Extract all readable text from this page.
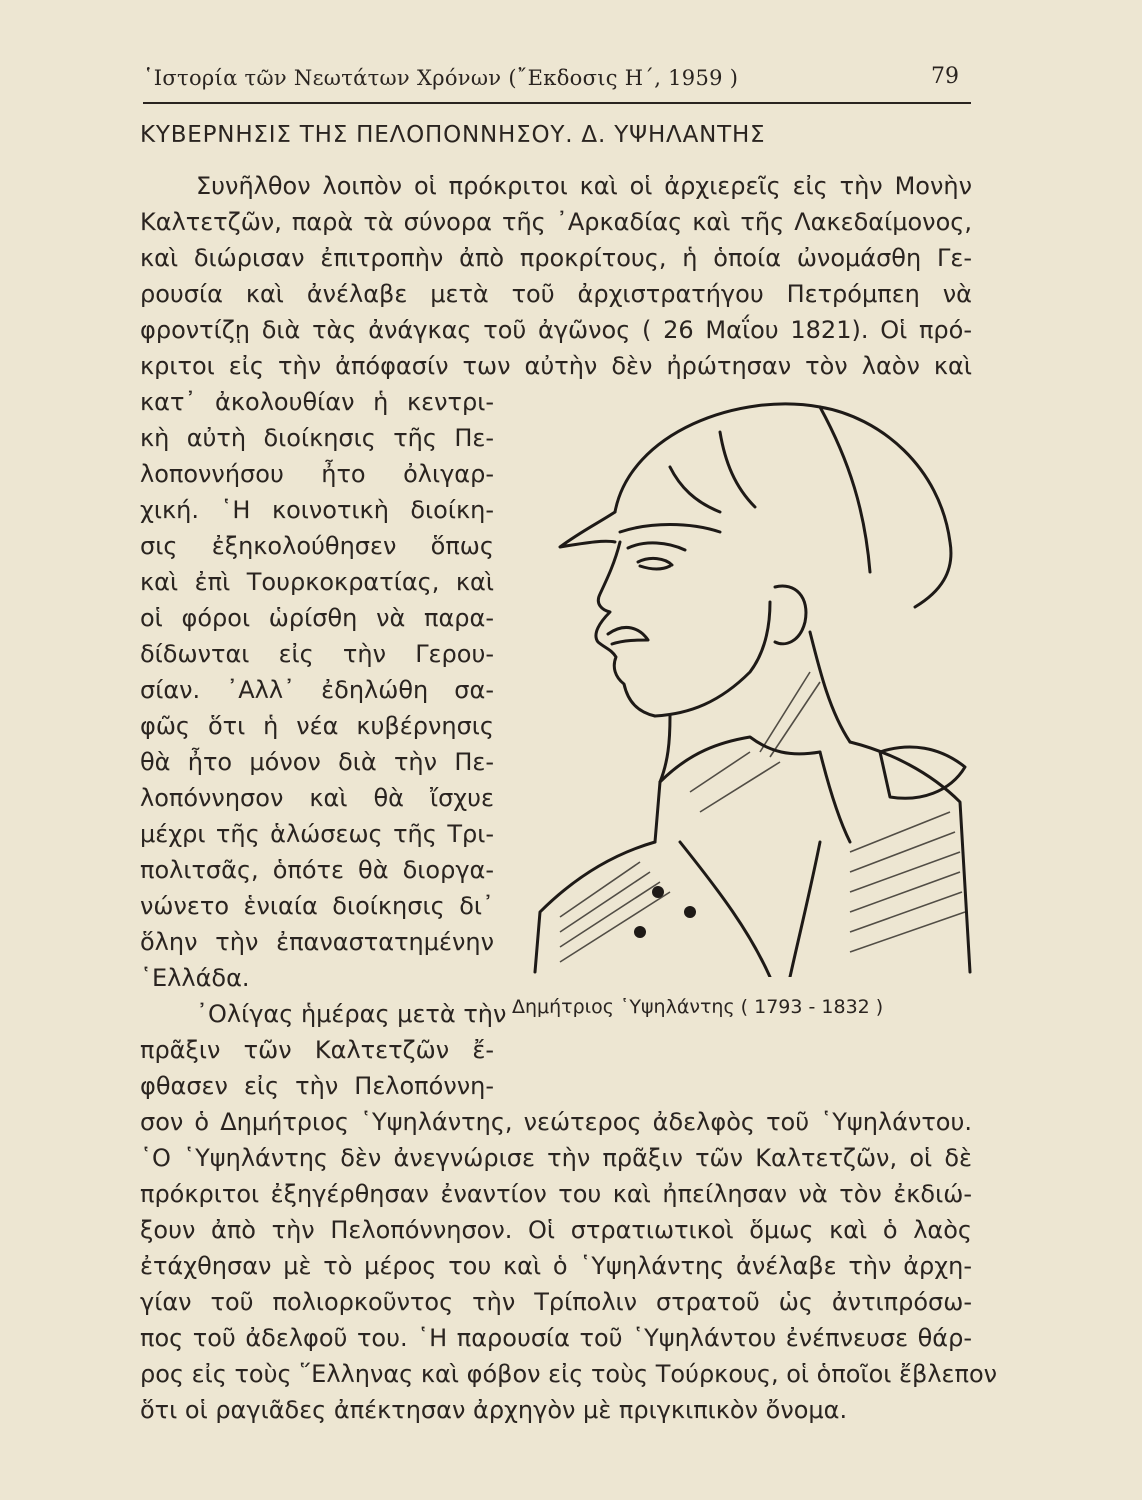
῾Ιστορία τῶν Νεωτάτων Χρόνων (῎Εκδοσις Η΄, 1959 )	79
ΚΥΒΕΡΝΗΣΙΣ ΤΗΣ ΠΕΛΟΠΟΝΝΗΣΟΥ. Δ. ΥΨΗΛΑΝΤΗΣ
Συνῆλθον λοιπὸν οἱ πρόκριτοι καὶ οἱ ἀρχιερεῖς εἰς τὴν Μονὴν
Καλτετζῶν, παρὰ τὰ σύνορα τῆς ᾿Αρκαδίας καὶ τῆς Λακεδαίμονος,
καὶ διώρισαν ἐπιτροπὴν ἀπὸ προκρίτους, ἡ ὁποία ὠνομάσθη Γε-
ρουσία καὶ ἀνέλαβε μετὰ τοῦ ἀρχιστρατήγου Πετρόμπεη νὰ
φροντίζῃ διὰ τὰς ἀνάγκας τοῦ ἀγῶνος ( 26 Μαΐου 1821). Οἱ πρό-
κριτοι εἰς τὴν ἀπόφασίν των αὐτὴν δὲν ἠρώτησαν τὸν λαὸν καὶ
κατ᾿ ἀκολουθίαν ἡ κεντρι-
κὴ αὐτὴ διοίκησις τῆς Πε-
λοποννήσου ἦτο ὀλιγαρ-
χική. ῾Η κοινοτικὴ διοίκη-
σις ἐξηκολούθησεν ὅπως
καὶ ἐπὶ Τουρκοκρατίας, καὶ
οἱ φόροι ὡρίσθη νὰ παρα-
δίδωνται εἰς τὴν Γερου-
σίαν. ᾿Αλλ᾿ ἐδηλώθη σα-
φῶς ὅτι ἡ νέα κυβέρνησις
θὰ ἦτο μόνον διὰ τὴν Πε-
λοπόννησον καὶ θὰ ἴσχυε
μέχρι τῆς ἁλώσεως τῆς Τρι-
πολιτσᾶς, ὁπότε θὰ διοργα-
νώνετο ἑνιαία διοίκησις δι᾿
ὅλην τὴν ἐπαναστατημένην
῾Ελλάδα.
᾿Ολίγας ἡμέρας μετὰ τὴν
πρᾶξιν τῶν Καλτετζῶν ἔ-
φθασεν εἰς τὴν Πελοπόννη-
σον ὁ Δημήτριος ῾Υψηλάντης, νεώτερος ἀδελφὸς τοῦ ῾Υψηλάντου.
῾Ο ῾Υψηλάντης δὲν ἀνεγνώρισε τὴν πρᾶξιν τῶν Καλτετζῶν, οἱ δὲ
πρόκριτοι ἐξηγέρθησαν ἐναντίον του καὶ ἠπείλησαν νὰ τὸν ἐκδιώ-
ξουν ἀπὸ τὴν Πελοπόννησον. Οἱ στρατιωτικοὶ ὅμως καὶ ὁ λαὸς
ἐτάχθησαν μὲ τὸ μέρος του καὶ ὁ ῾Υψηλάντης ἀνέλαβε τὴν ἀρχη-
γίαν τοῦ πολιορκοῦντος τὴν Τρίπολιν στρατοῦ ὡς ἀντιπρόσω-
πος τοῦ ἀδελφοῦ του. ῾Η παρουσία τοῦ ῾Υψηλάντου ἐνέπνευσε θάρ-
ρος εἰς τοὺς ῞Ελληνας καὶ φόβον εἰς τοὺς Τούρκους, οἱ ὁποῖοι ἔβλεπον
ὅτι οἱ ραγιᾶδες ἀπέκτησαν ἀρχηγὸν μὲ πριγκιπικὸν ὄνομα.
Δημήτριος ῾Υψηλάντης ( 1793 - 1832 )
